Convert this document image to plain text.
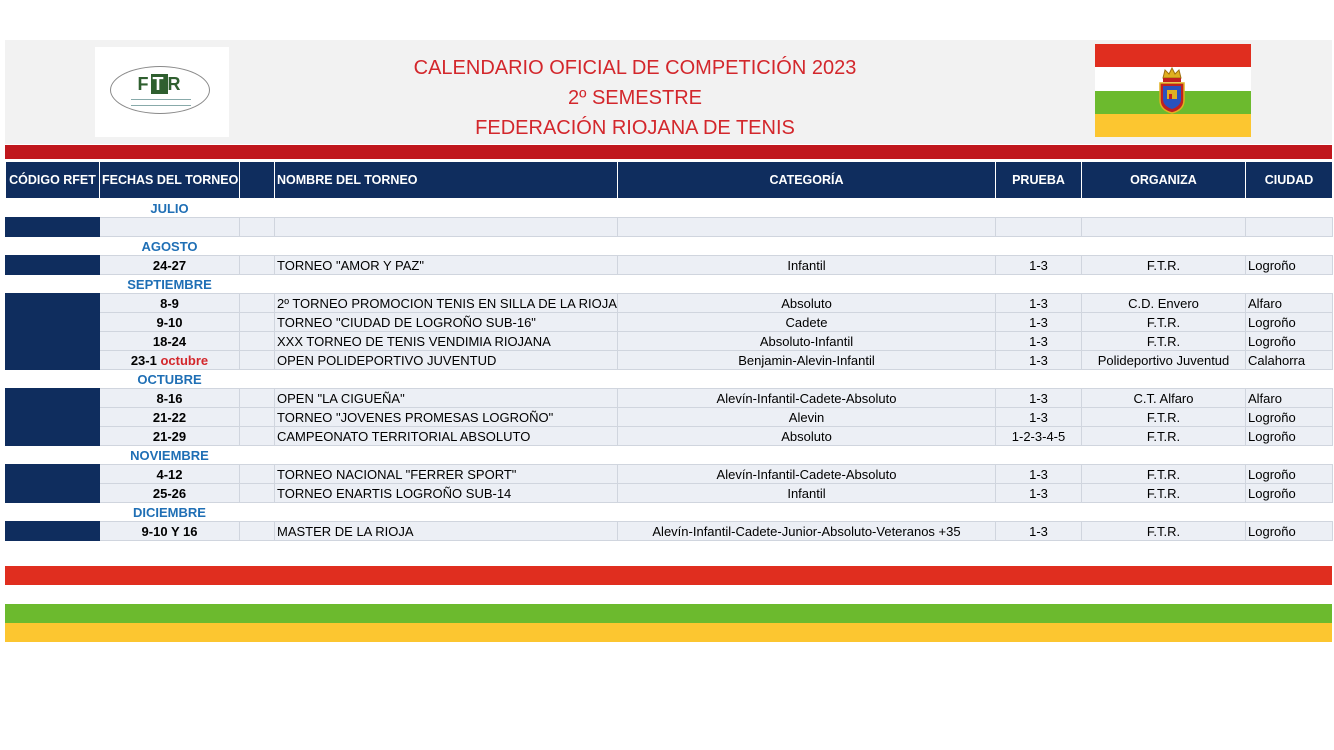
F T R
CALENDARIO OFICIAL DE COMPETICIÓN 2023
2º SEMESTRE
FEDERACIÓN RIOJANA DE TENIS
CÓDIGO RFET	FECHAS DEL TORNEO		NOMBRE DEL TORNEO	CATEGORÍA	PRUEBA	ORGANIZA	CIUDAD
	JULIO						

	AGOSTO						
	24-27		TORNEO "AMOR Y PAZ"	Infantil	1-3	F.T.R.	Logroño
	SEPTIEMBRE						
	8-9		2º TORNEO PROMOCION TENIS EN SILLA DE LA RIOJA	Absoluto	1-3	C.D. Envero	Alfaro
	9-10		TORNEO "CIUDAD DE LOGROÑO SUB-16"	Cadete	1-3	F.T.R.	Logroño
	18-24		XXX TORNEO DE TENIS VENDIMIA RIOJANA	Absoluto-Infantil	1-3	F.T.R.	Logroño
	23-1 octubre		OPEN POLIDEPORTIVO JUVENTUD	Benjamin-Alevin-Infantil	1-3	Polideportivo Juventud	Calahorra
	OCTUBRE						
	8-16		OPEN "LA CIGUEÑA"	Alevín-Infantil-Cadete-Absoluto	1-3	C.T. Alfaro	Alfaro
	21-22		TORNEO "JOVENES PROMESAS LOGROÑO"	Alevin	1-3	F.T.R.	Logroño
	21-29		CAMPEONATO TERRITORIAL ABSOLUTO	Absoluto	1-2-3-4-5	F.T.R.	Logroño
	NOVIEMBRE						
	4-12		TORNEO NACIONAL "FERRER SPORT"	Alevín-Infantil-Cadete-Absoluto	1-3	F.T.R.	Logroño
	25-26		TORNEO ENARTIS LOGROÑO SUB-14	Infantil	1-3	F.T.R.	Logroño
	DICIEMBRE						
	9-10 Y 16		MASTER DE LA RIOJA	Alevín-Infantil-Cadete-Junior-Absoluto-Veteranos +35	1-3	F.T.R.	Logroño
